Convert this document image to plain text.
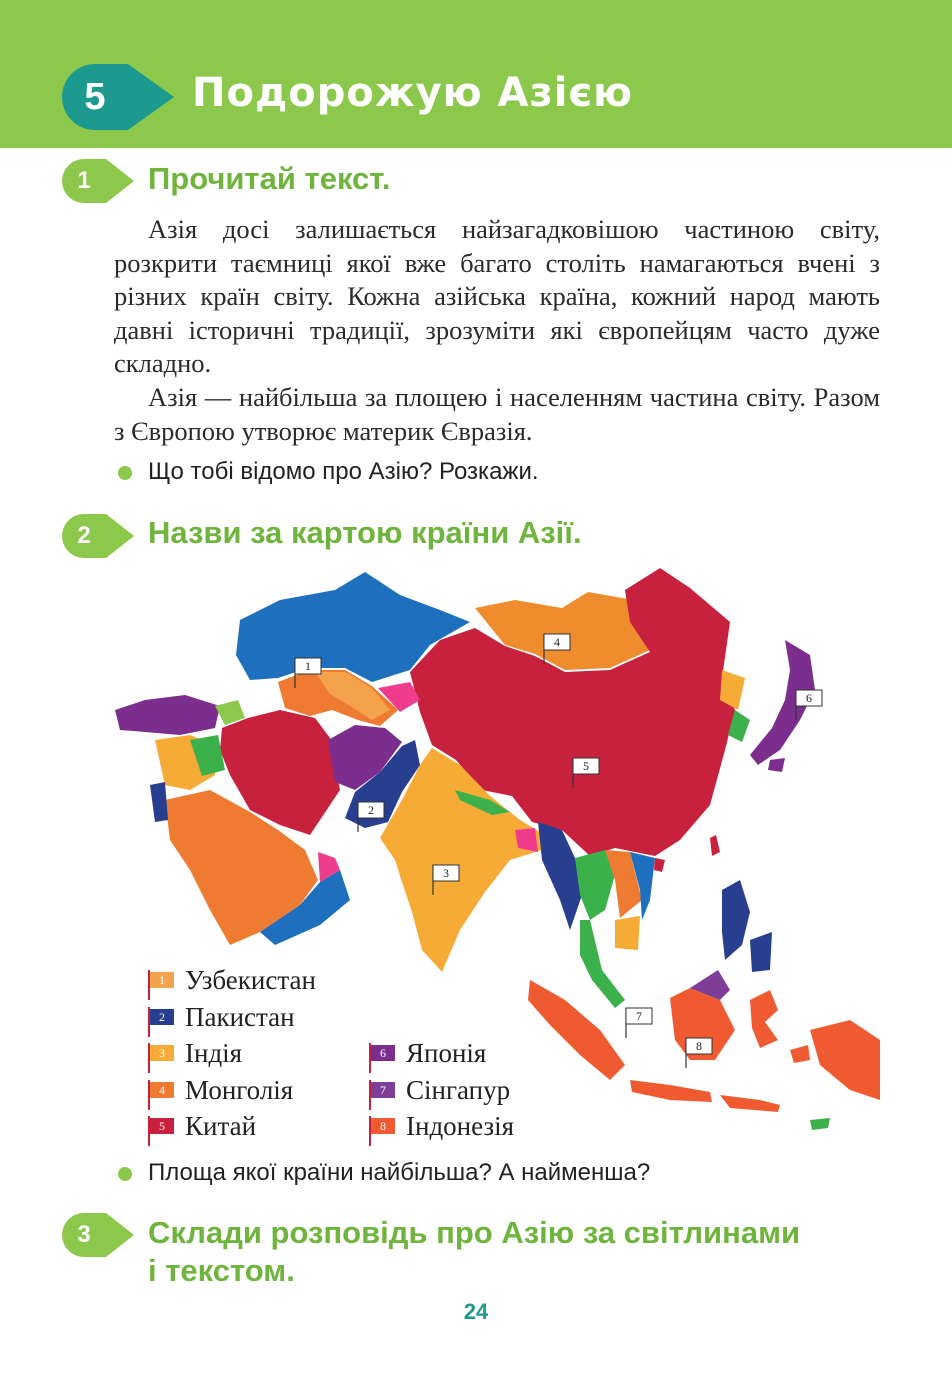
5	Подорожую Азією
1	Прочитай текст.

Азія досі залишається найзагадковішою частиною світу, розкрити таємниці якої вже багато століть намагаються вчені з різних країн світу. Кожна азійська країна, кожний народ мають давні історичні традиції, зрозуміти які європейцям часто дуже складно.

Азія — найбільша за площею і населенням частина світу. Разом з Європою утворює материк Євразія.

Що тобі відомо про Азію? Розкажи.
2	Назви за картою країни Азії.
1
2
3
4
5
6
7
8
1 Узбекистан
2 Пакистан
3 Індія
4 Монголія
5 Китай
6 Японія
7 Сінгапур
8 Індонезія
Площа якої країни найбільша? А найменша?
3	Склади розповідь про Азію за світлинами
і текстом.
24
